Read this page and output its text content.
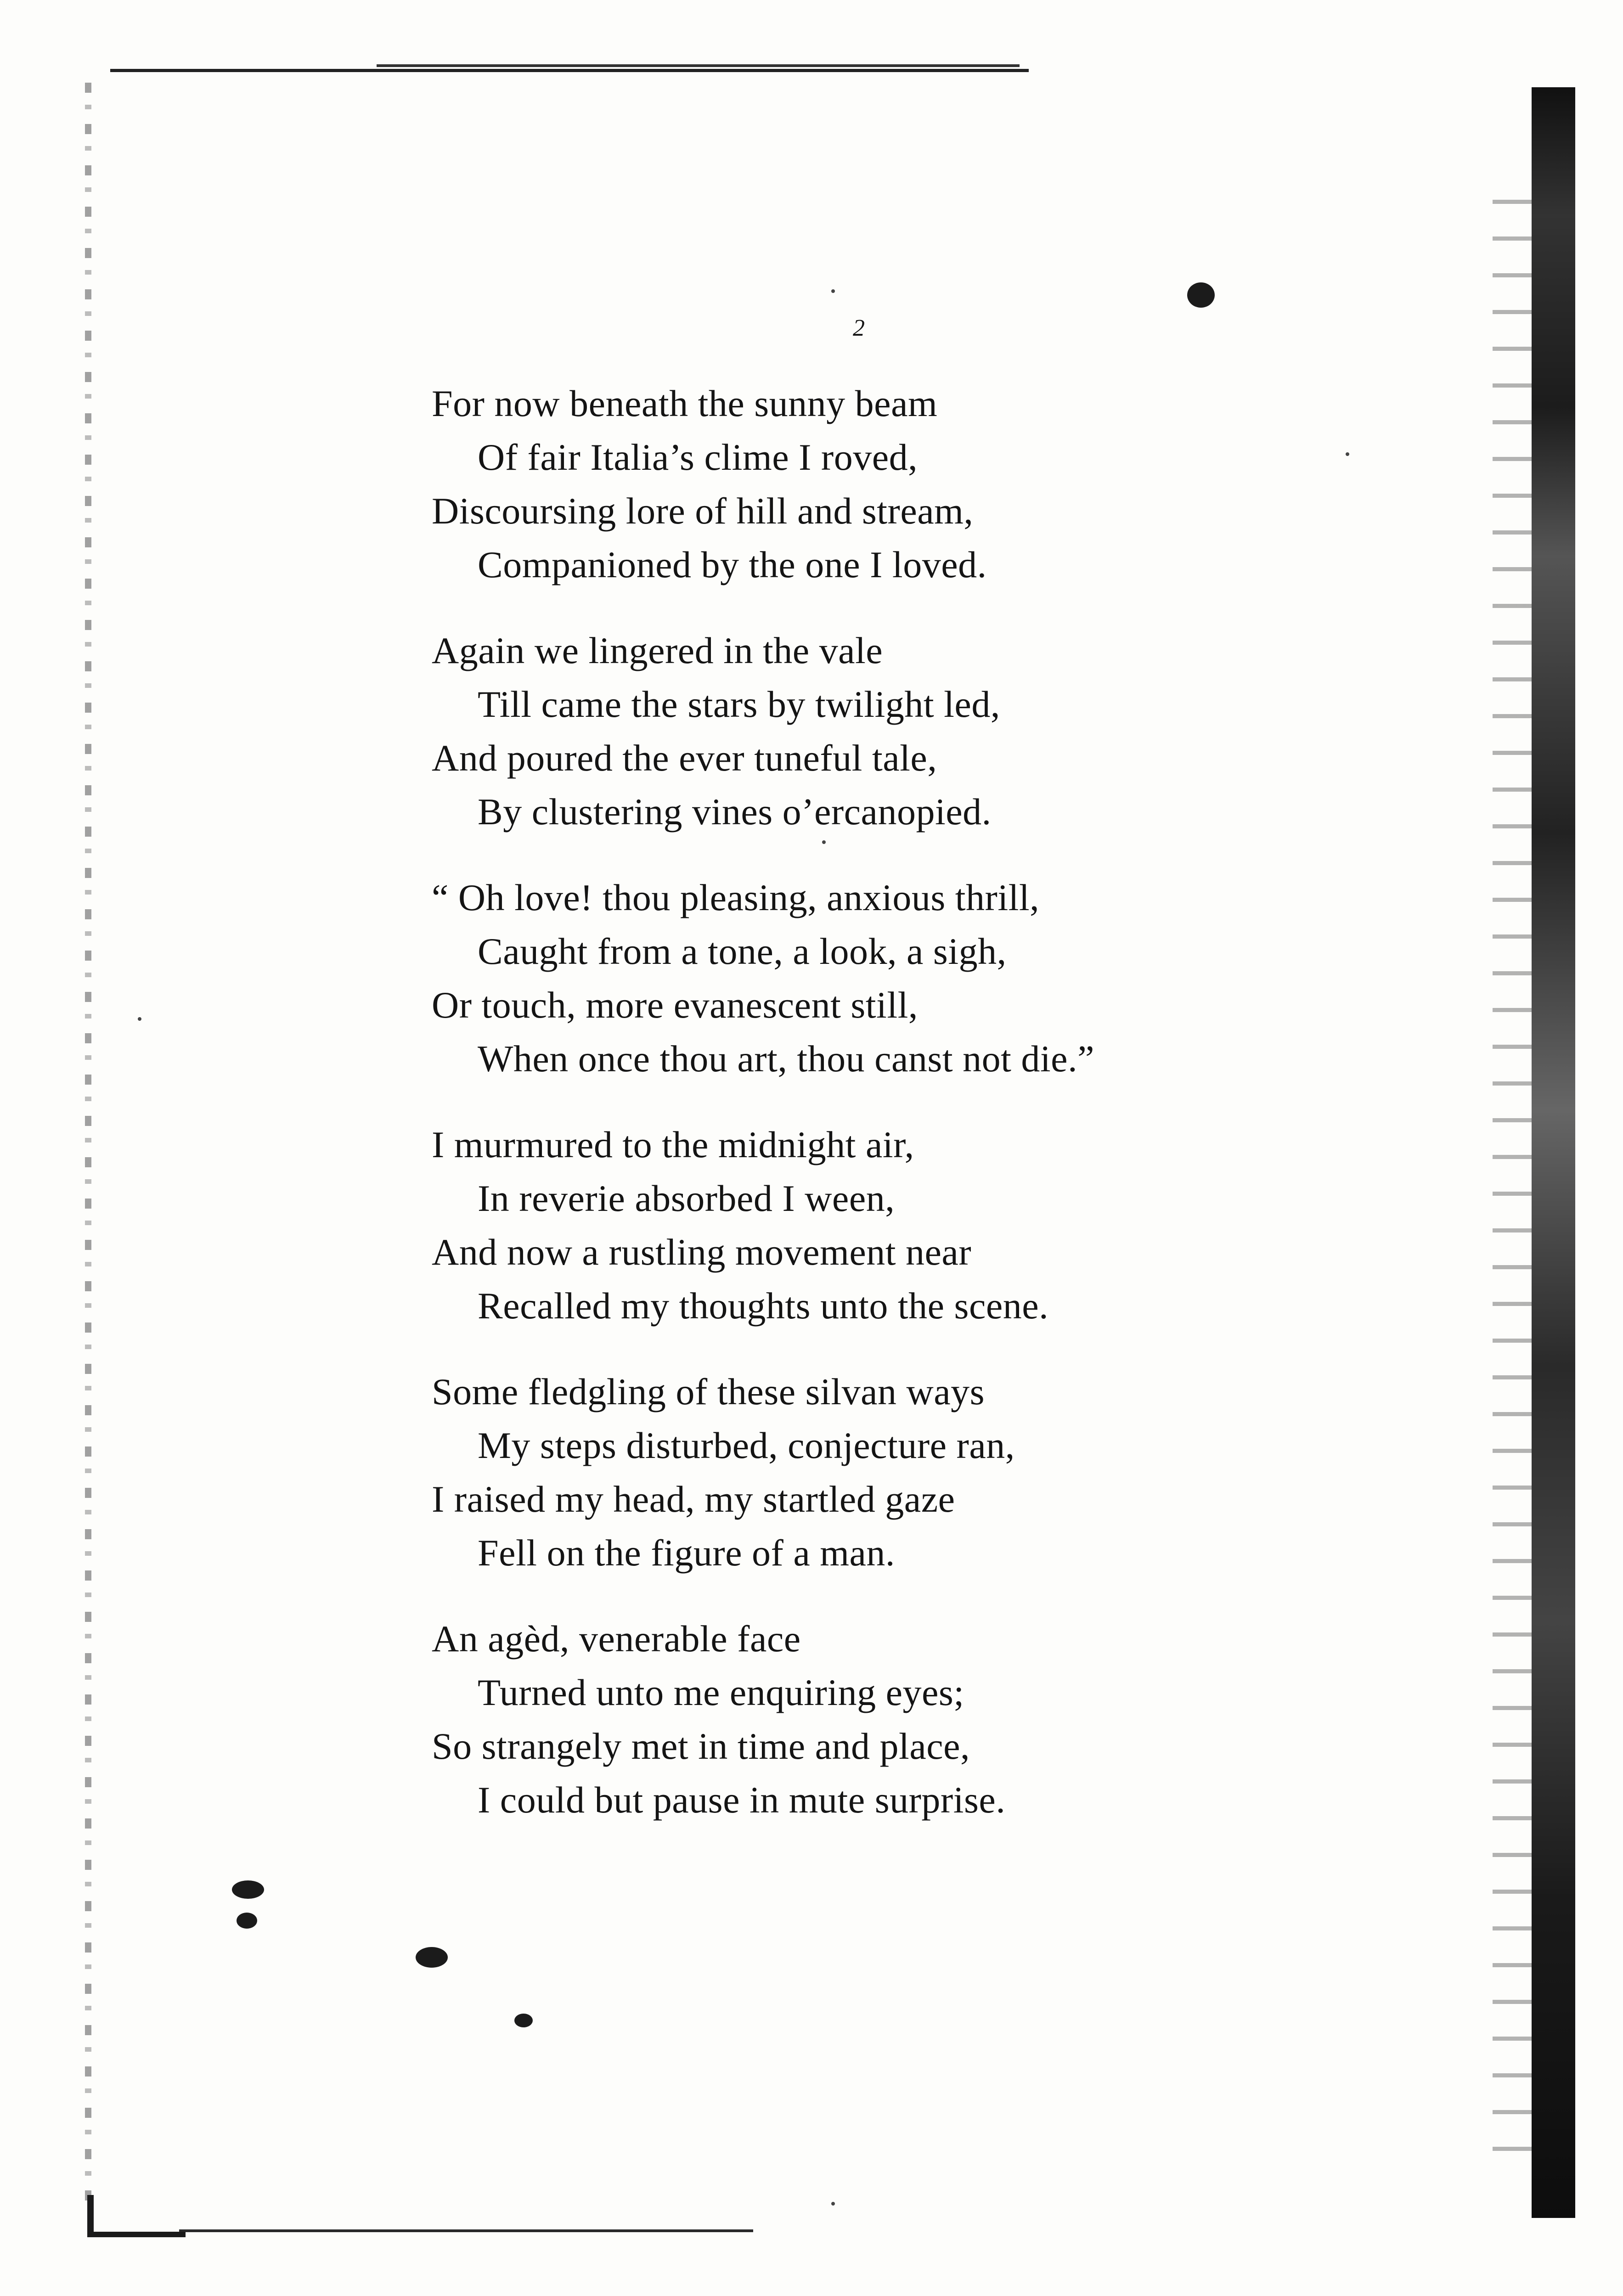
2
For now beneath the sunny beam
Of fair Italia’s clime I roved,
Discoursing lore of hill and stream,
Companioned by the one I loved.
Again we lingered in the vale
Till came the stars by twilight led,
And poured the ever tuneful tale,
By clustering vines o’ercanopied.
“ Oh love! thou pleasing, anxious thrill,
Caught from a tone, a look, a sigh,
Or touch, more evanescent still,
When once thou art, thou canst not die.”
I murmured to the midnight air,
In reverie absorbed I ween,
And now a rustling movement near
Recalled my thoughts unto the scene.
Some fledgling of these silvan ways
My steps disturbed, conjecture ran,
I raised my head, my startled gaze
Fell on the figure of a man.
An agèd, venerable face
Turned unto me enquiring eyes;
So strangely met in time and place,
I could but pause in mute surprise.
